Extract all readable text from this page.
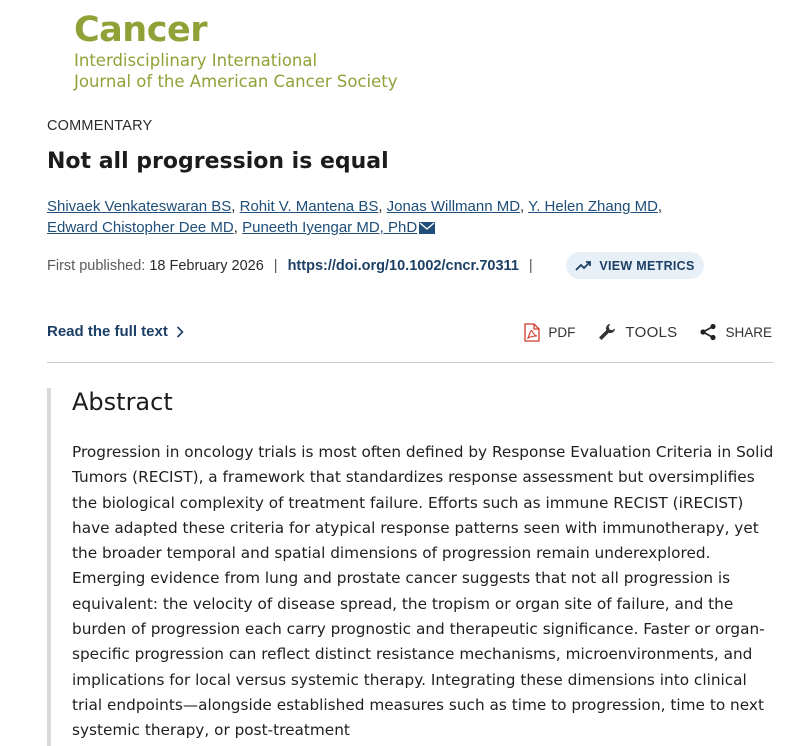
Cancer
Interdisciplinary International
Journal of the American Cancer Society
COMMENTARY
Not all progression is equal
Shivaek Venkateswaran BS, Rohit V. Mantena BS, Jonas Willmann MD, Y. Helen Zhang MD,
Edward Chistopher Dee MD, Puneeth Iyengar MD, PhD
First published: 18 February 2026 | https://doi.org/10.1002/cncr.70311 |	VIEW METRICS
Read the full text	PDF	TOOLS	SHARE
Abstract

Progression in oncology trials is most often defined by Response Evaluation Criteria in Solid Tumors (RECIST), a framework that standardizes response assessment but oversimplifies the biological complexity of treatment failure. Efforts such as immune RECIST (iRECIST) have adapted these criteria for atypical response patterns seen with immunotherapy, yet the broader temporal and spatial dimensions of progression remain underexplored. Emerging evidence from lung and prostate cancer suggests that not all progression is equivalent: the velocity of disease spread, the tropism or organ site of failure, and the burden of progression each carry prognostic and therapeutic significance. Faster or organ-specific progression can reflect distinct resistance mechanisms, microenvironments, and implications for local versus systemic therapy. Integrating these dimensions into clinical trial endpoints—alongside established measures such as time to progression, time to next systemic therapy, or post-treatment
